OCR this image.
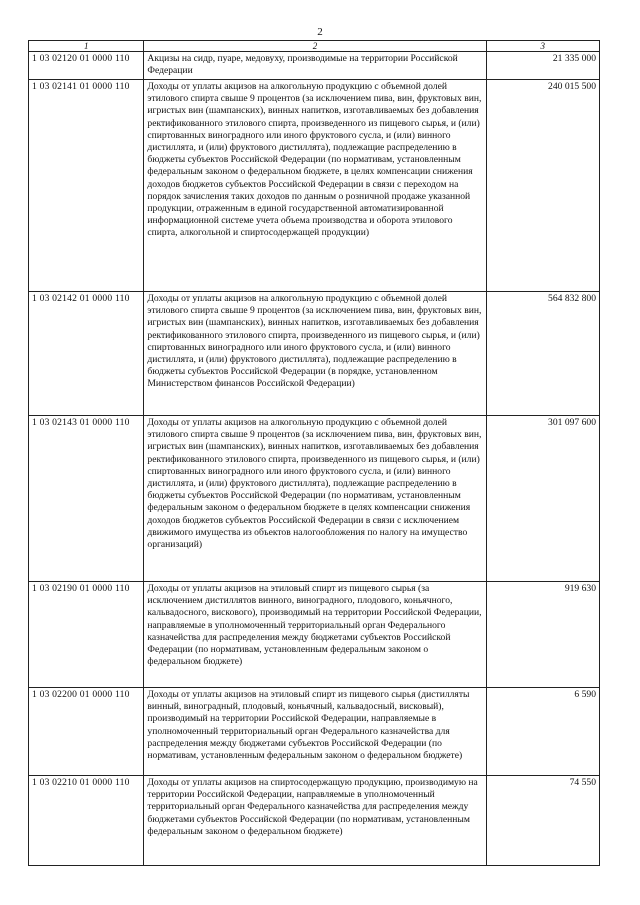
2
1	2	3
1 03 02120 01 0000 110	Акцизы на сидр, пуаре, медовуху, производимые на территории Российской Федерации	21 335 000
1 03 02141 01 0000 110	Доходы от уплаты акцизов на алкогольную продукцию с объемной долей этилового спирта свыше 9 процентов (за исключением пива, вин, фруктовых вин, игристых вин (шампанских), винных напитков, изготавливаемых без добавления ректификованного этилового спирта, произведенного из пищевого сырья, и (или) спиртованных виноградного или иного фруктового сусла, и (или) винного дистиллята, и (или) фруктового дистиллята), подлежащие распределению в бюджеты субъектов Российской Федерации (по нормативам, установленным федеральным законом о федеральном бюджете, в целях компенсации снижения доходов бюджетов субъектов Российской Федерации в связи с переходом на порядок зачисления таких доходов по данным о розничной продаже указанной продукции, отраженным в единой государственной автоматизированной информационной системе учета объема производства и оборота этилового спирта, алкогольной и спиртосодержащей продукции)	240 015 500
1 03 02142 01 0000 110	Доходы от уплаты акцизов на алкогольную продукцию с объемной долей этилового спирта свыше 9 процентов (за исключением пива, вин, фруктовых вин, игристых вин (шампанских), винных напитков, изготавливаемых без добавления ректификованного этилового спирта, произведенного из пищевого сырья, и (или) спиртованных виноградного или иного фруктового сусла, и (или) винного дистиллята, и (или) фруктового дистиллята), подлежащие распределению в бюджеты субъектов Российской Федерации (в порядке, установленном Министерством финансов Российской Федерации)	564 832 800
1 03 02143 01 0000 110	Доходы от уплаты акцизов на алкогольную продукцию с объемной долей этилового спирта свыше 9 процентов (за исключением пива, вин, фруктовых вин, игристых вин (шампанских), винных напитков, изготавливаемых без добавления ректификованного этилового спирта, произведенного из пищевого сырья, и (или) спиртованных виноградного или иного фруктового сусла, и (или) винного дистиллята, и (или) фруктового дистиллята), подлежащие распределению в бюджеты субъектов Российской Федерации (по нормативам, установленным федеральным законом о федеральном бюджете в целях компенсации снижения доходов бюджетов субъектов Российской Федерации в связи с исключением движимого имущества из объектов налогообложения по налогу на имущество организаций)	301 097 600
1 03 02190 01 0000 110	Доходы от уплаты акцизов на этиловый спирт из пищевого сырья (за исключением дистиллятов винного, виноградного, плодового, коньячного, кальвадосного, вискового), производимый на территории Российской Федерации, направляемые в уполномоченный территориальный орган Федерального казначейства для распределения между бюджетами субъектов Российской Федерации (по нормативам, установленным федеральным законом о федеральном бюджете)	919 630
1 03 02200 01 0000 110	Доходы от уплаты акцизов на этиловый спирт из пищевого сырья (дистилляты винный, виноградный, плодовый, коньячный, кальвадосный, висковый), производимый на территории Российской Федерации, направляемые в уполномоченный территориальный орган Федерального казначейства для распределения между бюджетами субъектов Российской Федерации (по нормативам, установленным федеральным законом о федеральном бюджете)	6 590
1 03 02210 01 0000 110	Доходы от уплаты акцизов на спиртосодержащую продукцию, производимую на территории Российской Федерации, направляемые в уполномоченный территориальный орган Федерального казначейства для распределения между бюджетами субъектов Российской Федерации (по нормативам, установленным федеральным законом о федеральном бюджете)	74 550
